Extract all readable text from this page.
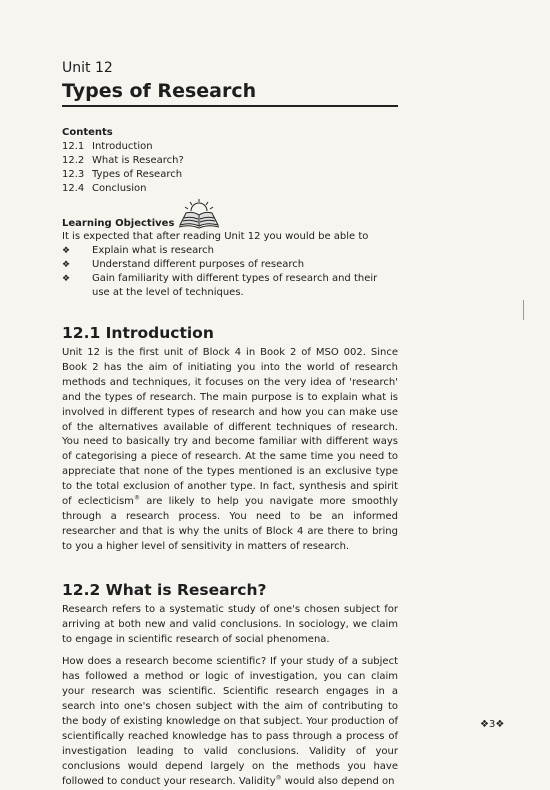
Unit 12
Types of Research
Contents
12.1 Introduction
12.2 What is Research?
12.3 Types of Research
12.4 Conclusion
Learning Objectives
It is expected that after reading Unit 12 you would be able to
❖	Explain what is research
❖	Understand different purposes of research
❖	Gain familiarity with different types of research and their use at the level of techniques.
12.1 Introduction

Unit 12 is the first unit of Block 4 in Book 2 of MSO 002. Since Book 2 has the aim of initiating you into the world of research methods and techniques, it focuses on the very idea of 'research' and the types of research. The main purpose is to explain what is involved in different types of research and how you can make use of the alternatives available of different techniques of research. You need to basically try and become familiar with different ways of categorising a piece of research. At the same time you need to appreciate that none of the types mentioned is an exclusive type to the total exclusion of another type. In fact, synthesis and spirit of eclecticism® are likely to help you navigate more smoothly through a research process. You need to be an informed researcher and that is why the units of Block 4 are there to bring to you a higher level of sensitivity in matters of research.

12.2 What is Research?

Research refers to a systematic study of one's chosen subject for arriving at both new and valid conclusions. In sociology, we claim to engage in scientific research of social phenomena.

How does a research become scientific? If your study of a subject has followed a method or logic of investigation, you can claim your research was scientific. Scientific research engages in a search into one's chosen subject with the aim of contributing to the body of existing knowledge on that subject. Your production of scientifically reached knowledge has to pass through a process of investigation leading to valid conclusions. Validity of your conclusions would depend largely on the methods you have followed to conduct your research. Validity® would also depend on

❖3❖
